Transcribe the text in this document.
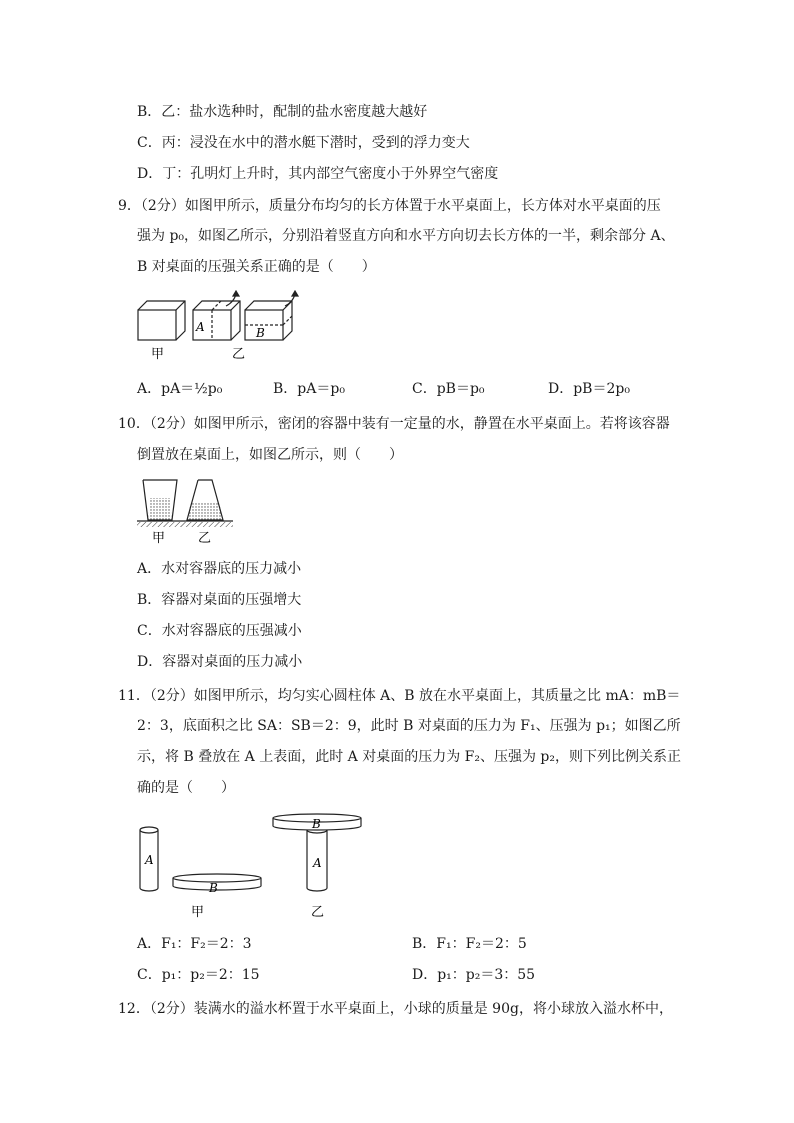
B．乙：盐水选种时，配制的盐水密度越大越好
C．丙：浸没在水中的潜水艇下潜时，受到的浮力变大
D．丁：孔明灯上升时，其内部空气密度小于外界空气密度
9．（2分）如图甲所示，质量分布均匀的长方体置于水平桌面上，长方体对水平桌面的压
强为 p₀，如图乙所示，分别沿着竖直方向和水平方向切去长方体的一半，剩余部分 A、
B 对桌面的压强关系正确的是（　　）
A	B
甲	乙
A．pA＝½p₀	B．pA＝p₀	C．pB＝p₀	D．pB＝2p₀
10．（2分）如图甲所示，密闭的容器中装有一定量的水，静置在水平桌面上。若将该容器
倒置放在桌面上，如图乙所示，则（　　）
甲	乙
A．水对容器底的压力减小
B．容器对桌面的压强增大
C．水对容器底的压强减小
D．容器对桌面的压力减小
11．（2分）如图甲所示，均匀实心圆柱体 A、B 放在水平桌面上，其质量之比 mA：mB＝
2：3，底面积之比 SA：SB＝2：9，此时 B 对桌面的压力为 F₁、压强为 p₁；如图乙所
示，将 B 叠放在 A 上表面，此时 A 对桌面的压力为 F₂、压强为 p₂，则下列比例关系正
确的是（　　）
A
B
A
B
甲	乙
A．F₁：F₂＝2：3	B．F₁：F₂＝2：5
C．p₁：p₂＝2：15	D．p₁：p₂＝3：55
12．（2分）装满水的溢水杯置于水平桌面上，小球的质量是 90g，将小球放入溢水杯中，
